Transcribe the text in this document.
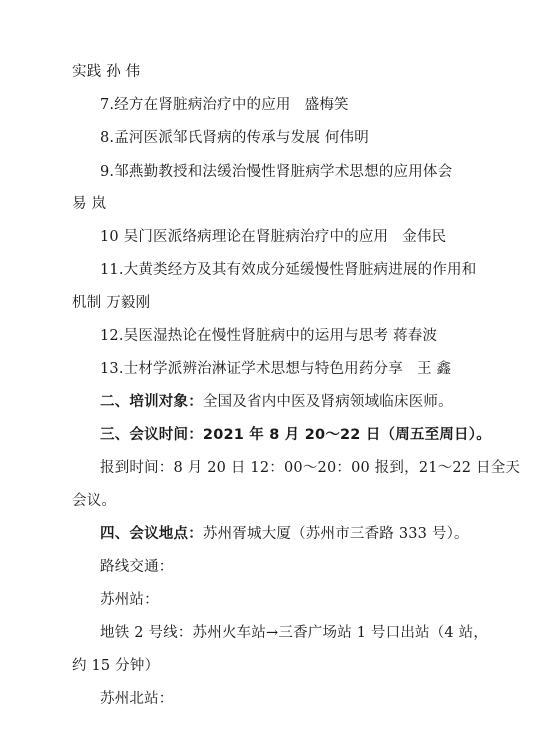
实践 孙 伟
7.经方在肾脏病治疗中的应用 盛梅笑
8.孟河医派邹氏肾病的传承与发展 何伟明
9.邹燕勤教授和法缓治慢性肾脏病学术思想的应用体会
易 岚
10 吴门医派络病理论在肾脏病治疗中的应用 金伟民
11.大黄类经方及其有效成分延缓慢性肾脏病进展的作用和
机制 万毅刚
12.吴医湿热论在慢性肾脏病中的运用与思考 蒋春波
13.士材学派辨治淋证学术思想与特色用药分享 王 鑫
二、培训对象：全国及省内中医及肾病领域临床医师。
三、会议时间：2021 年 8 月 20～22 日（周五至周日）。
报到时间：8 月 20 日 12：00～20：00 报到，21～22 日全天
会议。
四、会议地点：苏州胥城大厦（苏州市三香路 333 号）。
路线交通：
苏州站：
地铁 2 号线：苏州火车站→三香广场站 1 号口出站（4 站，
约 15 分钟）
苏州北站：
